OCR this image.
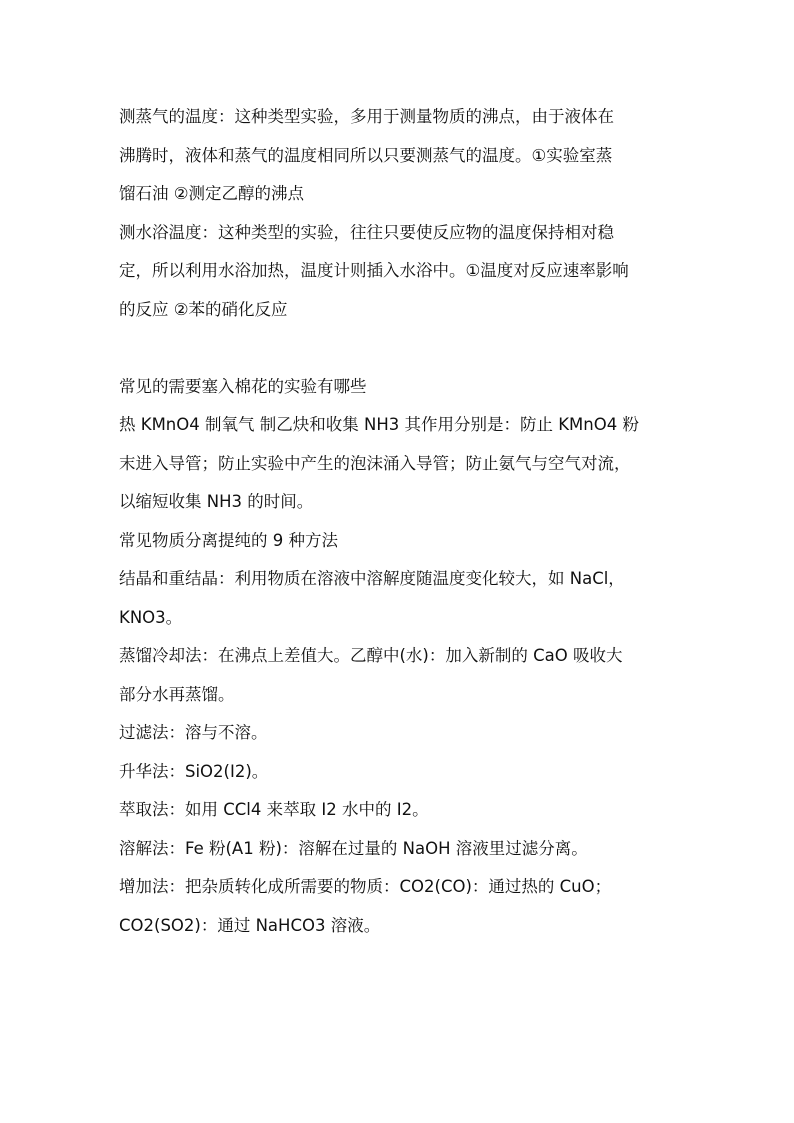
测蒸气的温度：这种类型实验，多用于测量物质的沸点，由于液体在
沸腾时，液体和蒸气的温度相同所以只要测蒸气的温度。①实验室蒸
馏石油 ②测定乙醇的沸点
测水浴温度：这种类型的实验，往往只要使反应物的温度保持相对稳
定，所以利用水浴加热，温度计则插入水浴中。①温度对反应速率影响
的反应 ②苯的硝化反应
常见的需要塞入棉花的实验有哪些
热 KMnO4 制氧气 制乙炔和收集 NH3 其作用分别是：防止 KMnO4 粉
末进入导管；防止实验中产生的泡沫涌入导管；防止氨气与空气对流，
以缩短收集 NH3 的时间。
常见物质分离提纯的 9 种方法
结晶和重结晶：利用物质在溶液中溶解度随温度变化较大，如 NaCl，
KNO3。
蒸馏冷却法：在沸点上差值大。乙醇中(水)：加入新制的 CaO 吸收大
部分水再蒸馏。
过滤法：溶与不溶。
升华法：SiO2(I2)。
萃取法：如用 CCl4 来萃取 I2 水中的 I2。
溶解法：Fe 粉(A1 粉)：溶解在过量的 NaOH 溶液里过滤分离。
增加法：把杂质转化成所需要的物质：CO2(CO)：通过热的 CuO；
CO2(SO2)：通过 NaHCO3 溶液。
